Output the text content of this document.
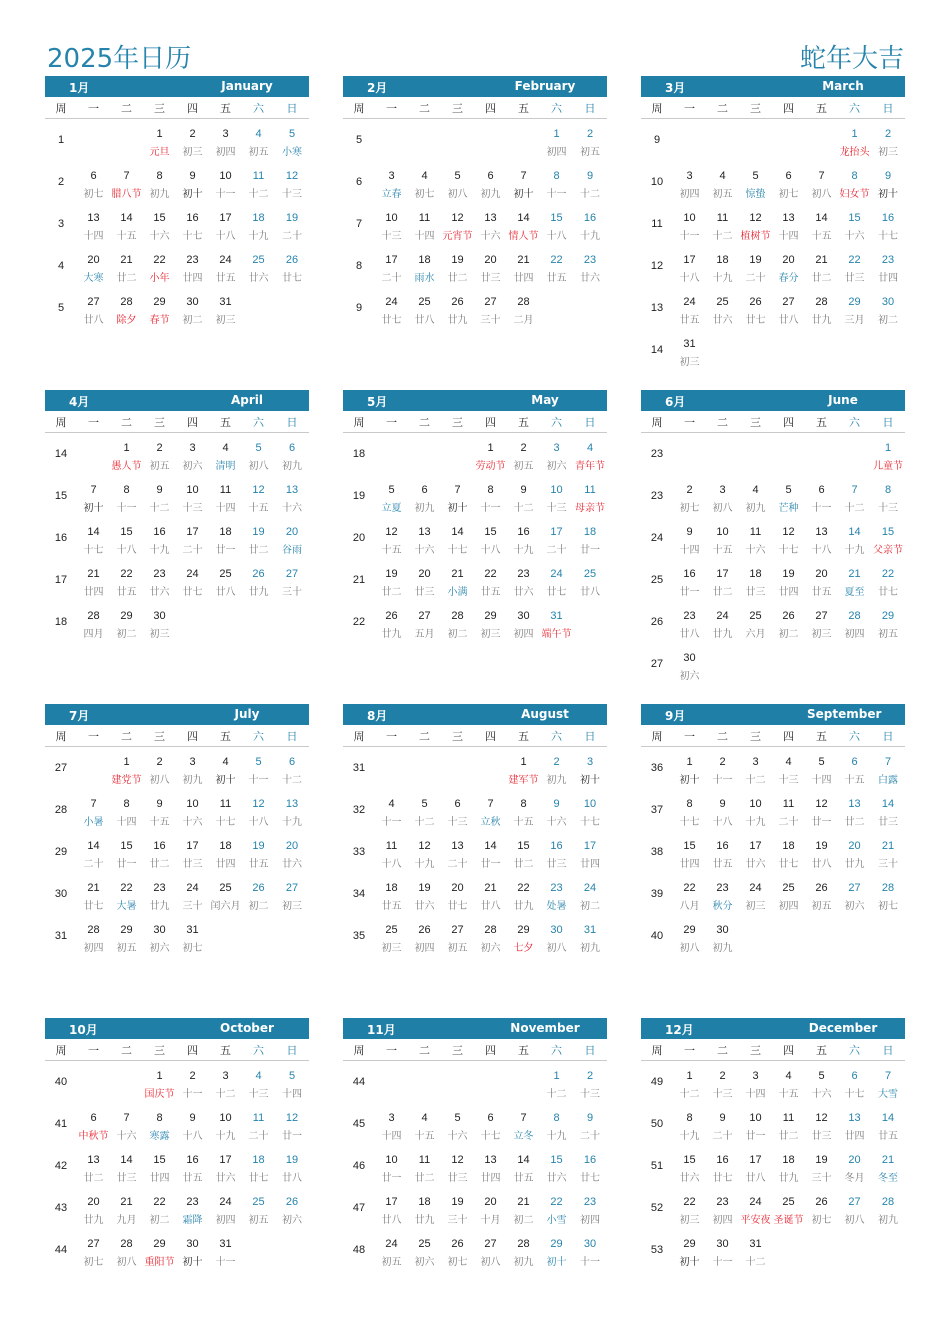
2025年日历	蛇年大吉
1月	January
周	一	二	三	四	五	六	日
1			1	2	3	4	5
			元旦	初三	初四	初五	小寒
2	6	7	8	9	10	11	12
	初七	腊八节	初九	初十	十一	十二	十三
3	13	14	15	16	17	18	19
	十四	十五	十六	十七	十八	十九	二十
4	20	21	22	23	24	25	26
	大寒	廿二	小年	廿四	廿五	廿六	廿七
5	27	28	29	30	31		
	廿八	除夕	春节	初二	初三		
2月	February
周	一	二	三	四	五	六	日
5						1	2
						初四	初五
6	3	4	5	6	7	8	9
	立春	初七	初八	初九	初十	十一	十二
7	10	11	12	13	14	15	16
	十三	十四	元宵节	十六	情人节	十八	十九
8	17	18	19	20	21	22	23
	二十	雨水	廿二	廿三	廿四	廿五	廿六
9	24	25	26	27	28		
	廿七	廿八	廿九	三十	二月		
3月	March
周	一	二	三	四	五	六	日
9						1	2
						龙抬头	初三
10	3	4	5	6	7	8	9
	初四	初五	惊蛰	初七	初八	妇女节	初十
11	10	11	12	13	14	15	16
	十一	十二	植树节	十四	十五	十六	十七
12	17	18	19	20	21	22	23
	十八	十九	二十	春分	廿二	廿三	廿四
13	24	25	26	27	28	29	30
	廿五	廿六	廿七	廿八	廿九	三月	初二
14	31						
	初三						
4月	April
周	一	二	三	四	五	六	日
14		1	2	3	4	5	6
		愚人节	初五	初六	清明	初八	初九
15	7	8	9	10	11	12	13
	初十	十一	十二	十三	十四	十五	十六
16	14	15	16	17	18	19	20
	十七	十八	十九	二十	廿一	廿二	谷雨
17	21	22	23	24	25	26	27
	廿四	廿五	廿六	廿七	廿八	廿九	三十
18	28	29	30				
	四月	初二	初三				
5月	May
周	一	二	三	四	五	六	日
18				1	2	3	4
				劳动节	初五	初六	青年节
19	5	6	7	8	9	10	11
	立夏	初九	初十	十一	十二	十三	母亲节
20	12	13	14	15	16	17	18
	十五	十六	十七	十八	十九	二十	廿一
21	19	20	21	22	23	24	25
	廿二	廿三	小满	廿五	廿六	廿七	廿八
22	26	27	28	29	30	31	
	廿九	五月	初二	初三	初四	端午节	
6月	June
周	一	二	三	四	五	六	日
23							1
							儿童节
23	2	3	4	5	6	7	8
	初七	初八	初九	芒种	十一	十二	十三
24	9	10	11	12	13	14	15
	十四	十五	十六	十七	十八	十九	父亲节
25	16	17	18	19	20	21	22
	廿一	廿二	廿三	廿四	廿五	夏至	廿七
26	23	24	25	26	27	28	29
	廿八	廿九	六月	初二	初三	初四	初五
27	30						
	初六						
7月	July
周	一	二	三	四	五	六	日
27		1	2	3	4	5	6
		建党节	初八	初九	初十	十一	十二
28	7	8	9	10	11	12	13
	小暑	十四	十五	十六	十七	十八	十九
29	14	15	16	17	18	19	20
	二十	廿一	廿二	廿三	廿四	廿五	廿六
30	21	22	23	24	25	26	27
	廿七	大暑	廿九	三十	闰六月	初二	初三
31	28	29	30	31			
	初四	初五	初六	初七			
8月	August
周	一	二	三	四	五	六	日
31					1	2	3
					建军节	初九	初十
32	4	5	6	7	8	9	10
	十一	十二	十三	立秋	十五	十六	十七
33	11	12	13	14	15	16	17
	十八	十九	二十	廿一	廿二	廿三	廿四
34	18	19	20	21	22	23	24
	廿五	廿六	廿七	廿八	廿九	处暑	初二
35	25	26	27	28	29	30	31
	初三	初四	初五	初六	七夕	初八	初九
9月	September
周	一	二	三	四	五	六	日
36	1	2	3	4	5	6	7
	初十	十一	十二	十三	十四	十五	白露
37	8	9	10	11	12	13	14
	十七	十八	十九	二十	廿一	廿二	廿三
38	15	16	17	18	19	20	21
	廿四	廿五	廿六	廿七	廿八	廿九	三十
39	22	23	24	25	26	27	28
	八月	秋分	初三	初四	初五	初六	初七
40	29	30					
	初八	初九					
10月	October
周	一	二	三	四	五	六	日
40			1	2	3	4	5
			国庆节	十一	十二	十三	十四
41	6	7	8	9	10	11	12
	中秋节	十六	寒露	十八	十九	二十	廿一
42	13	14	15	16	17	18	19
	廿二	廿三	廿四	廿五	廿六	廿七	廿八
43	20	21	22	23	24	25	26
	廿九	九月	初二	霜降	初四	初五	初六
44	27	28	29	30	31		
	初七	初八	重阳节	初十	十一		
11月	November
周	一	二	三	四	五	六	日
44						1	2
						十二	十三
45	3	4	5	6	7	8	9
	十四	十五	十六	十七	立冬	十九	二十
46	10	11	12	13	14	15	16
	廿一	廿二	廿三	廿四	廿五	廿六	廿七
47	17	18	19	20	21	22	23
	廿八	廿九	三十	十月	初二	小雪	初四
48	24	25	26	27	28	29	30
	初五	初六	初七	初八	初九	初十	十一
12月	December
周	一	二	三	四	五	六	日
49	1	2	3	4	5	6	7
	十二	十三	十四	十五	十六	十七	大雪
50	8	9	10	11	12	13	14
	十九	二十	廿一	廿二	廿三	廿四	廿五
51	15	16	17	18	19	20	21
	廿六	廿七	廿八	廿九	三十	冬月	冬至
52	22	23	24	25	26	27	28
	初三	初四	平安夜	圣诞节	初七	初八	初九
53	29	30	31				
	初十	十一	十二				
